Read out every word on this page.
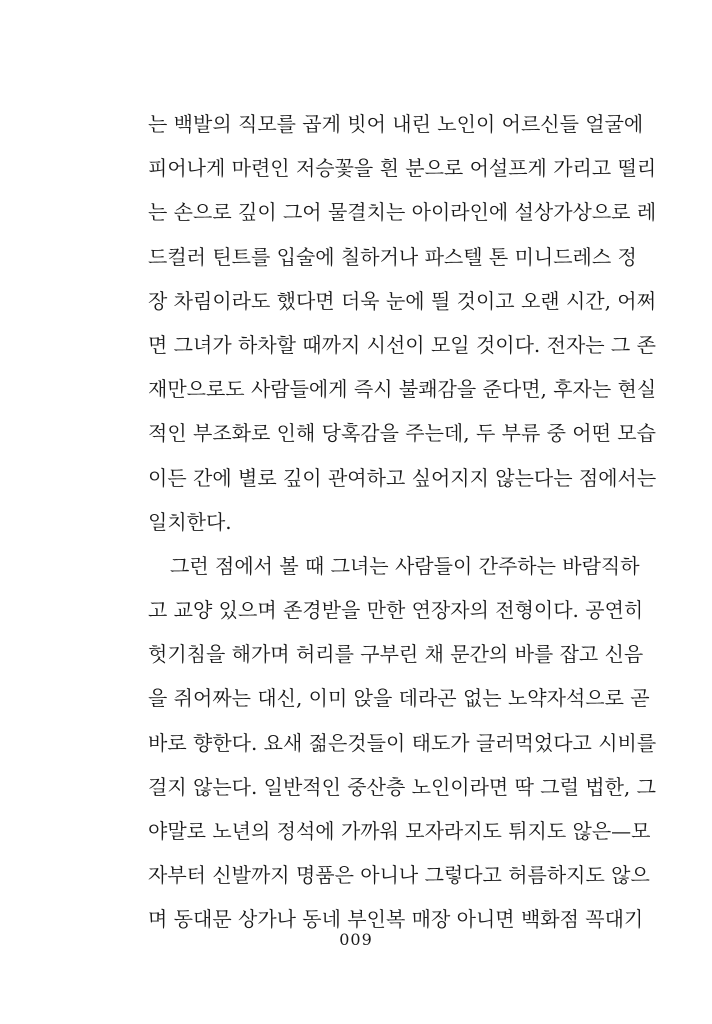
는 백발의 직모를 곱게 빗어 내린 노인이 어르신들 얼굴에
피어나게 마련인 저승꽃을 흰 분으로 어설프게 가리고 떨리
는 손으로 깊이 그어 물결치는 아이라인에 설상가상으로 레
드컬러 틴트를 입술에 칠하거나 파스텔 톤 미니드레스 정
장 차림이라도 했다면 더욱 눈에 띌 것이고 오랜 시간, 어쩌
면 그녀가 하차할 때까지 시선이 모일 것이다. 전자는 그 존
재만으로도 사람들에게 즉시 불쾌감을 준다면, 후자는 현실
적인 부조화로 인해 당혹감을 주는데, 두 부류 중 어떤 모습
이든 간에 별로 깊이 관여하고 싶어지지 않는다는 점에서는
일치한다.
그런 점에서 볼 때 그녀는 사람들이 간주하는 바람직하
고 교양 있으며 존경받을 만한 연장자의 전형이다. 공연히
헛기침을 해가며 허리를 구부린 채 문간의 바를 잡고 신음
을 쥐어짜는 대신, 이미 앉을 데라곤 없는 노약자석으로 곧
바로 향한다. 요새 젊은것들이 태도가 글러먹었다고 시비를
걸지 않는다. 일반적인 중산층 노인이라면 딱 그럴 법한, 그
야말로 노년의 정석에 가까워 모자라지도 튀지도 않은—모
자부터 신발까지 명품은 아니나 그렇다고 허름하지도 않으
며 동대문 상가나 동네 부인복 매장 아니면 백화점 꼭대기
009
